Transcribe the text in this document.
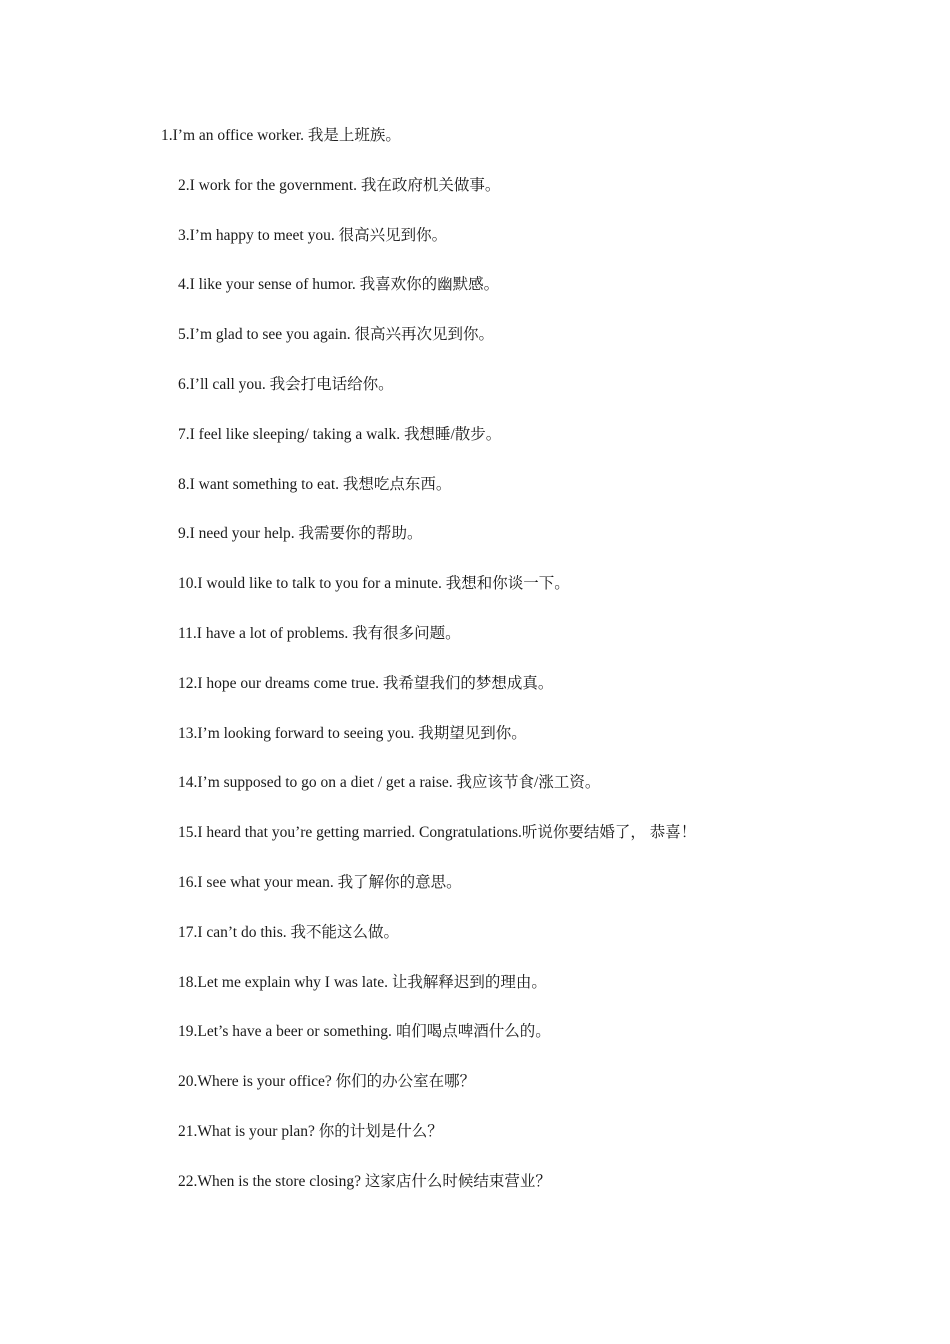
1.I’m an office worker. 我是上班族。
2.I work for the government. 我在政府机关做事。
3.I’m happy to meet you. 很高兴见到你。
4.I like your sense of humor. 我喜欢你的幽默感。
5.I’m glad to see you again. 很高兴再次见到你。
6.I’ll call you. 我会打电话给你。
7.I feel like sleeping/ taking a walk. 我想睡/散步。
8.I want something to eat. 我想吃点东西。
9.I need your help. 我需要你的帮助。
10.I would like to talk to you for a minute. 我想和你谈一下。
11.I have a lot of problems. 我有很多问题。
12.I hope our dreams come true. 我希望我们的梦想成真。
13.I’m looking forward to seeing you. 我期望见到你。
14.I’m supposed to go on a diet / get a raise. 我应该节食/涨工资。
15.I heard that you’re getting married. Congratulations.听说你要结婚了， 恭喜！
16.I see what your mean. 我了解你的意思。
17.I can’t do this. 我不能这么做。
18.Let me explain why I was late. 让我解释迟到的理由。
19.Let’s have a beer or something. 咱们喝点啤酒什么的。
20.Where is your office? 你们的办公室在哪？
21.What is your plan? 你的计划是什么？
22.When is the store closing? 这家店什么时候结束营业？
